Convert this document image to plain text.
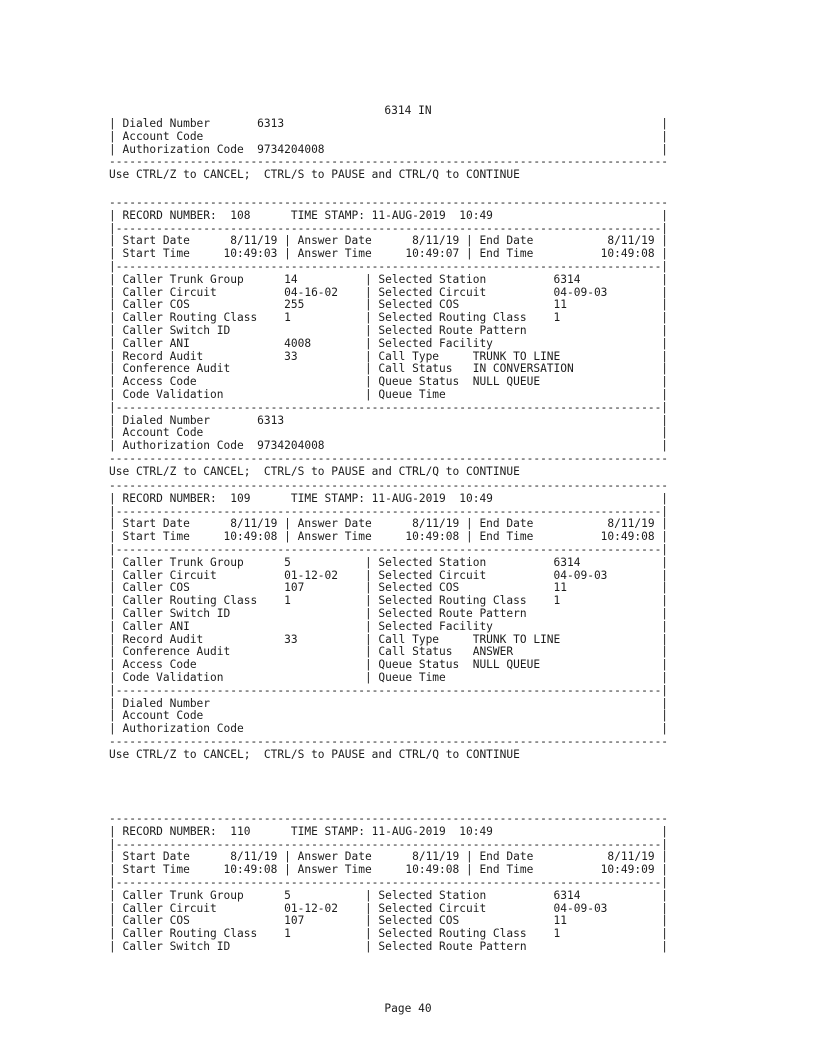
6314 IN
| Dialed Number       6313                                                        |
| Account Code                                                                    |
| Authorization Code  9734204008                                                  |
-----------------------------------------------------------------------------------
Use CTRL/Z to CANCEL;  CTRL/S to PAUSE and CTRL/Q to CONTINUE
-----------------------------------------------------------------------------------
| RECORD NUMBER:  108      TIME STAMP: 11-AUG-2019  10:49                         |
|---------------------------------------------------------------------------------|
| Start Date      8/11/19 | Answer Date      8/11/19 | End Date           8/11/19 |
| Start Time     10:49:03 | Answer Time     10:49:07 | End Time          10:49:08 |
|---------------------------------------------------------------------------------|
| Caller Trunk Group      14          | Selected Station          6314            |
| Caller Circuit          04-16-02    | Selected Circuit          04-09-03        |
| Caller COS              255         | Selected COS              11              |
| Caller Routing Class    1           | Selected Routing Class    1               |
| Caller Switch ID                    | Selected Route Pattern                    |
| Caller ANI              4008        | Selected Facility                         |
| Record Audit            33          | Call Type     TRUNK TO LINE               |
| Conference Audit                    | Call Status   IN CONVERSATION             |
| Access Code                         | Queue Status  NULL QUEUE                  |
| Code Validation                     | Queue Time                                |
|---------------------------------------------------------------------------------|
| Dialed Number       6313                                                        |
| Account Code                                                                    |
| Authorization Code  9734204008                                                  |
-----------------------------------------------------------------------------------
Use CTRL/Z to CANCEL;  CTRL/S to PAUSE and CTRL/Q to CONTINUE
-----------------------------------------------------------------------------------
| RECORD NUMBER:  109      TIME STAMP: 11-AUG-2019  10:49                         |
|---------------------------------------------------------------------------------|
| Start Date      8/11/19 | Answer Date      8/11/19 | End Date           8/11/19 |
| Start Time     10:49:08 | Answer Time     10:49:08 | End Time          10:49:08 |
|---------------------------------------------------------------------------------|
| Caller Trunk Group      5           | Selected Station          6314            |
| Caller Circuit          01-12-02    | Selected Circuit          04-09-03        |
| Caller COS              107         | Selected COS              11              |
| Caller Routing Class    1           | Selected Routing Class    1               |
| Caller Switch ID                    | Selected Route Pattern                    |
| Caller ANI                          | Selected Facility                         |
| Record Audit            33          | Call Type     TRUNK TO LINE               |
| Conference Audit                    | Call Status   ANSWER                      |
| Access Code                         | Queue Status  NULL QUEUE                  |
| Code Validation                     | Queue Time                                |
|---------------------------------------------------------------------------------|
| Dialed Number                                                                   |
| Account Code                                                                    |
| Authorization Code                                                              |
-----------------------------------------------------------------------------------
Use CTRL/Z to CANCEL;  CTRL/S to PAUSE and CTRL/Q to CONTINUE
-----------------------------------------------------------------------------------
| RECORD NUMBER:  110      TIME STAMP: 11-AUG-2019  10:49                         |
|---------------------------------------------------------------------------------|
| Start Date      8/11/19 | Answer Date      8/11/19 | End Date           8/11/19 |
| Start Time     10:49:08 | Answer Time     10:49:08 | End Time          10:49:09 |
|---------------------------------------------------------------------------------|
| Caller Trunk Group      5           | Selected Station          6314            |
| Caller Circuit          01-12-02    | Selected Circuit          04-09-03        |
| Caller COS              107         | Selected COS              11              |
| Caller Routing Class    1           | Selected Routing Class    1               |
| Caller Switch ID                    | Selected Route Pattern                    |
Page 40
